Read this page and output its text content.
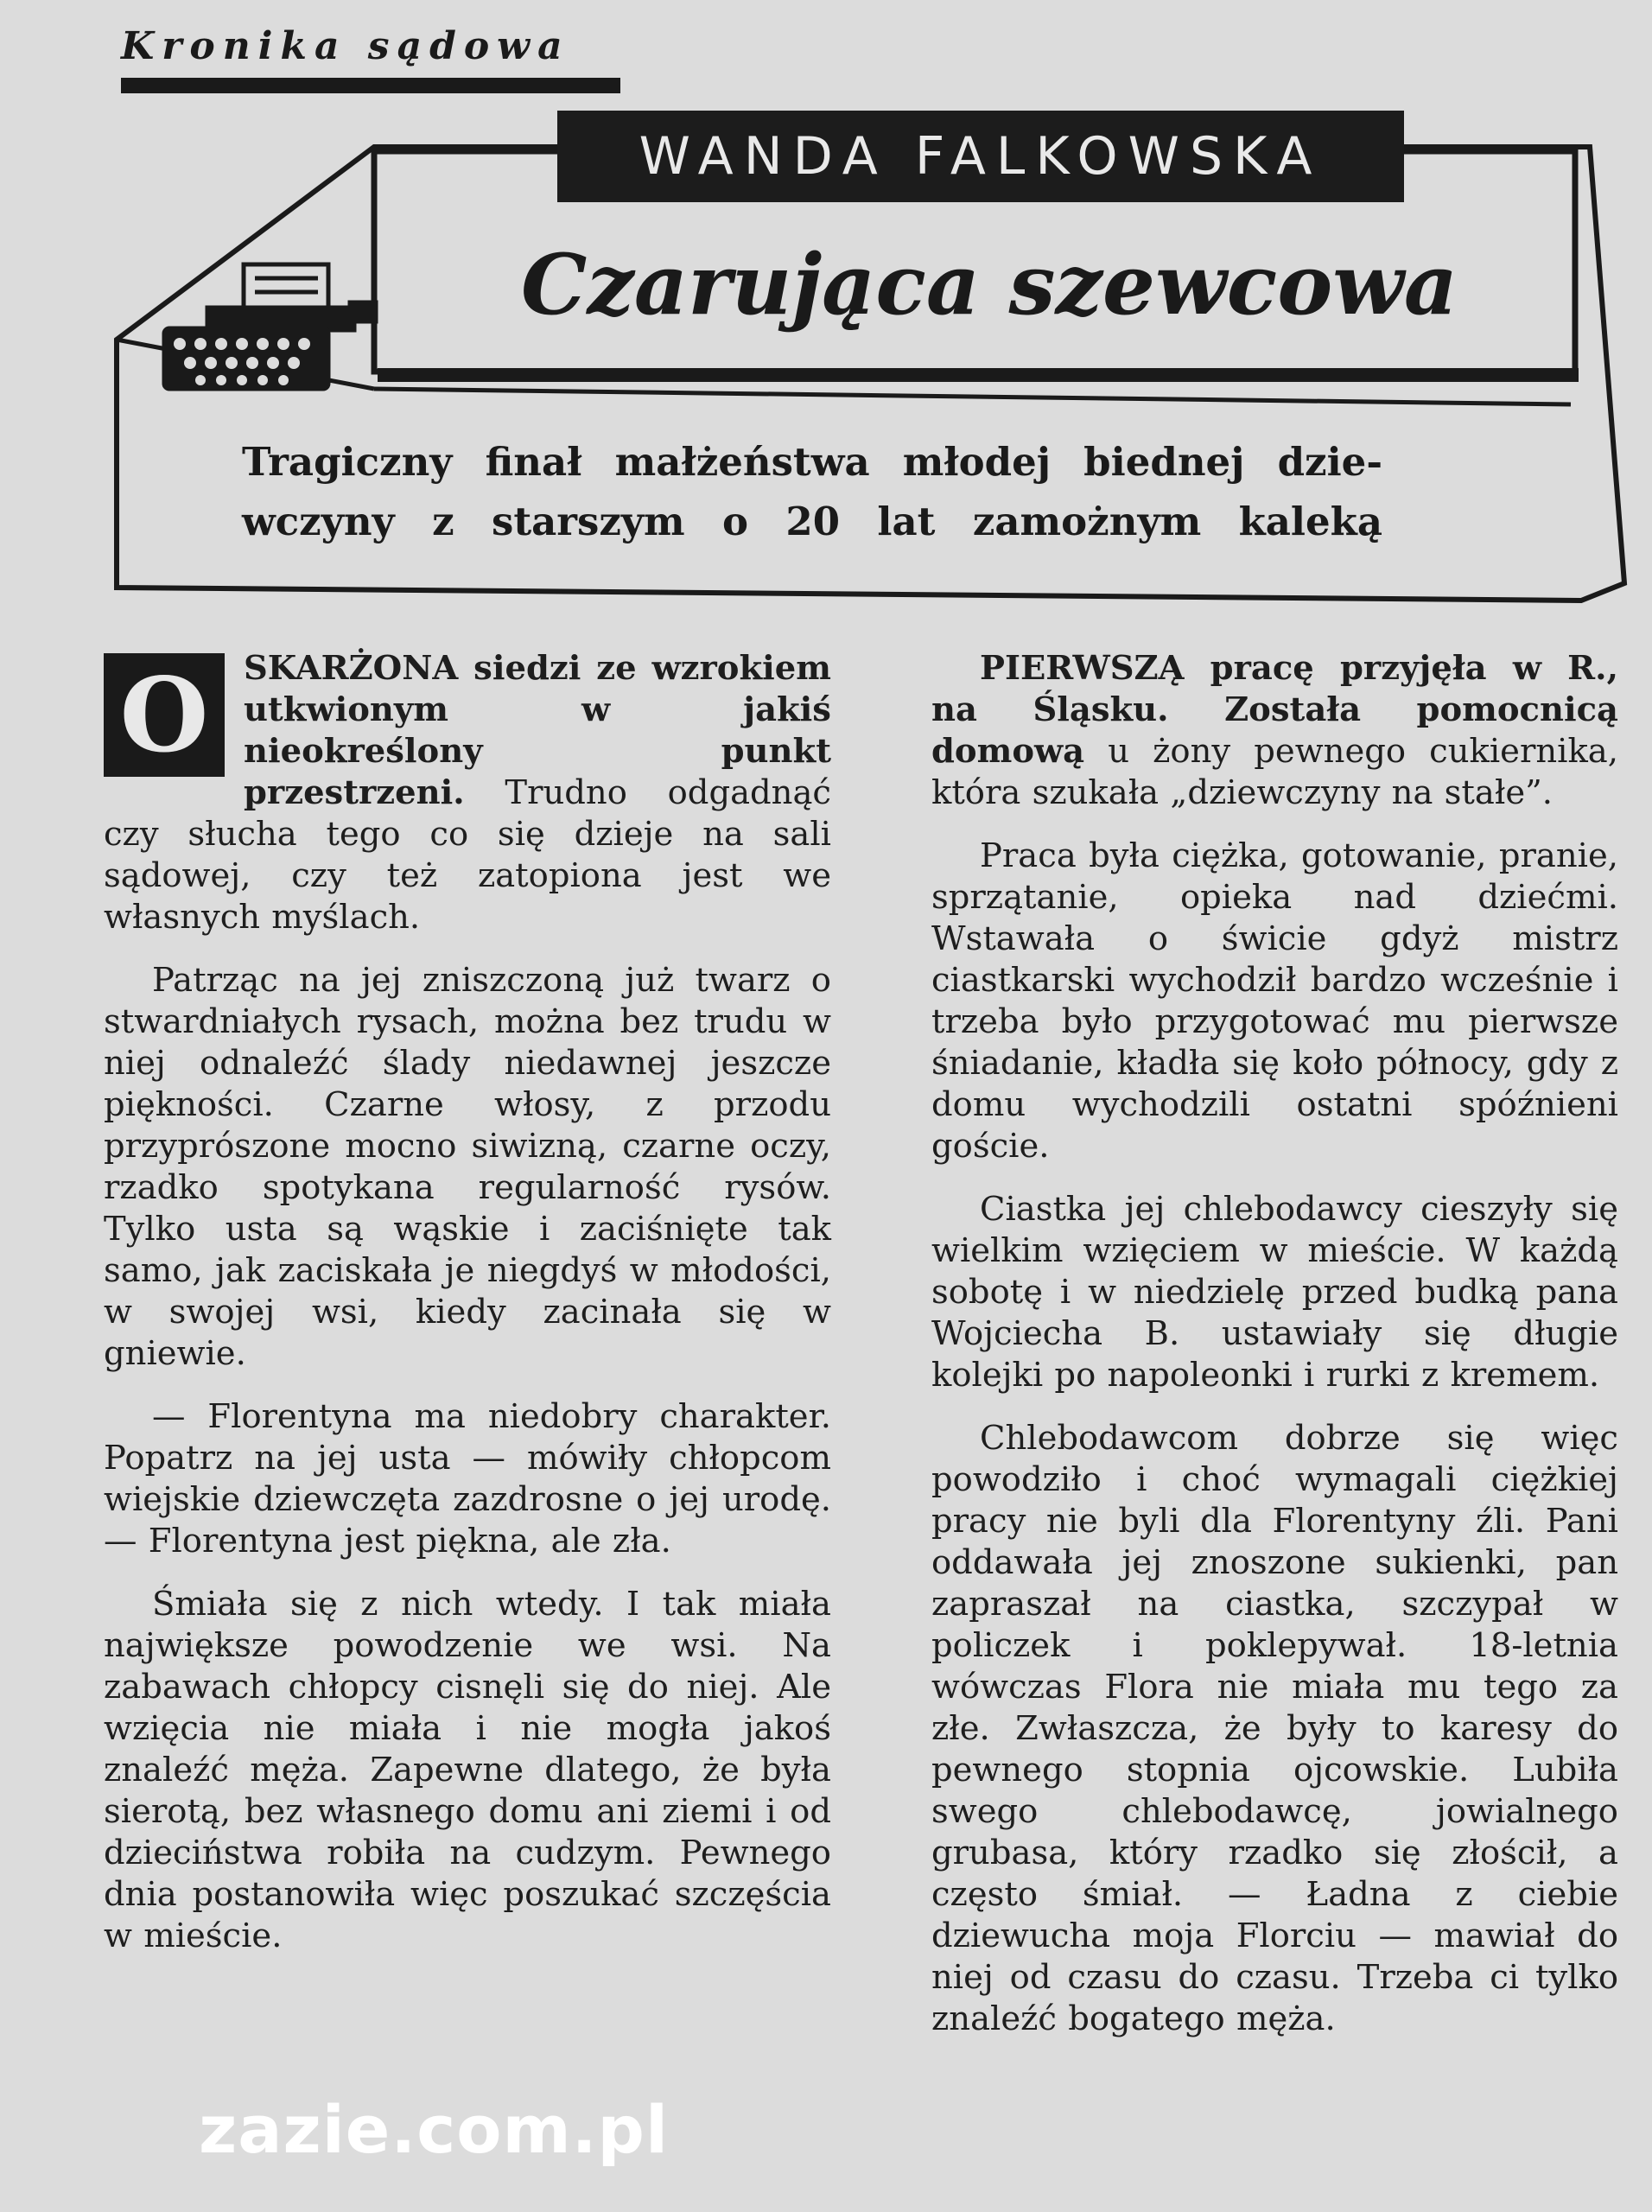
Kronika sądowa
WANDA FALKOWSKA
Czarująca szewcowa
Tragiczny finał małżeństwa młodej biednej dzie-
wczyny z starszym o 20 lat zamożnym kaleką

O SKARŻONA siedzi ze wzrokiem utkwionym w jakiś nieokreślony punkt przestrzeni. Trudno odgadnąć czy słucha tego co się dzieje na sali sądowej, czy też zatopiona jest we własnych myślach.

Patrząc na jej zniszczoną już twarz o stwardniałych rysach, można bez trudu w niej odnaleźć ślady niedawnej jeszcze piękności. Czarne włosy, z przodu przyprószone mocno siwizną, czarne oczy, rzadko spotykana regularność rysów. Tylko usta są wąskie i zaciśnięte tak samo, jak zaciskała je niegdyś w młodości, w swojej wsi, kiedy zacinała się w gniewie.

— Florentyna ma niedobry charakter. Popatrz na jej usta — mówiły chłopcom wiejskie dziewczęta zazdrosne o jej urodę. — Florentyna jest piękna, ale zła.

Śmiała się z nich wtedy. I tak miała największe powodzenie we wsi. Na zabawach chłopcy cisnęli się do niej. Ale wzięcia nie miała i nie mogła jakoś znaleźć męża. Zapewne dlatego, że była sierotą, bez własnego domu ani ziemi i od dzieciństwa robiła na cudzym. Pewnego dnia postanowiła więc poszukać szczęścia w mieście.

PIERWSZĄ pracę przyjęła w R., na Śląsku. Została pomocnicą domową u żony pewnego cukiernika, która szukała „dziewczyny na stałe”.

Praca była ciężka, gotowanie, pranie, sprzątanie, opieka nad dziećmi. Wstawała o świcie gdyż mistrz ciastkarski wychodził bardzo wcześnie i trzeba było przygotować mu pierwsze śniadanie, kładła się koło północy, gdy z domu wychodzili ostatni spóźnieni goście.

Ciastka jej chlebodawcy cieszyły się wielkim wzięciem w mieście. W każdą sobotę i w niedzielę przed budką pana Wojciecha B. ustawiały się długie kolejki po napoleonki i rurki z kremem.

Chlebodawcom dobrze się więc powodziło i choć wymagali ciężkiej pracy nie byli dla Florentyny źli. Pani oddawała jej znoszone sukienki, pan zapraszał na ciastka, szczypał w policzek i poklepywał. 18-letnia wówczas Flora nie miała mu tego za złe. Zwłaszcza, że były to karesy do pewnego stopnia ojcowskie. Lubiła swego chlebodawcę, jowialnego grubasa, który rzadko się złościł, a często śmiał. — Ładna z ciebie dziewucha moja Florciu — mawiał do niej od czasu do czasu. Trzeba ci tylko znaleźć bogatego męża.

zazie.com.pl
